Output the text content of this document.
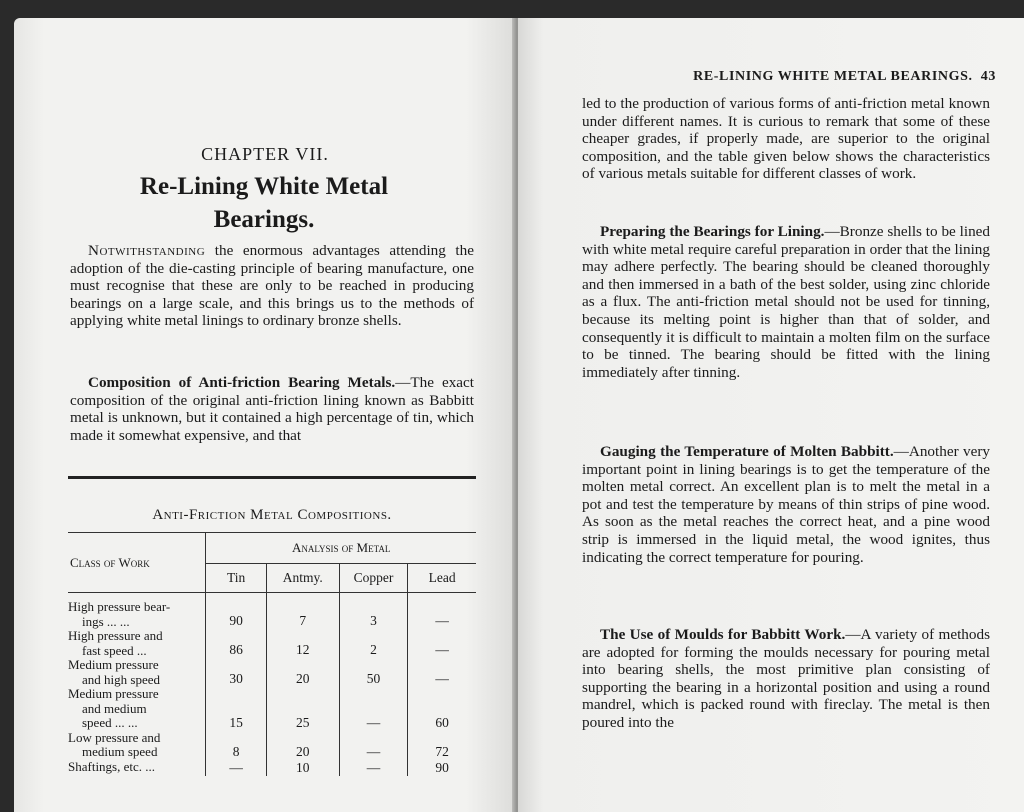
CHAPTER VII.
Re-Lining White Metal
Bearings.
Notwithstanding the enormous advantages attending the adoption of the die-casting principle of bearing manufacture, one must recognise that these are only to be reached in producing bearings on a large scale, and this brings us to the methods of applying white metal linings to ordinary bronze shells.
Composition of Anti-friction Bearing Metals.—The exact composition of the original anti-friction lining known as Babbitt metal is unknown, but it contained a high percentage of tin, which made it somewhat expensive, and that
Anti-Friction Metal Compositions.
Class of Work	Analysis of Metal			
	Tin	Antmy.	Copper	Lead

High pressure bear-
ings ... ...	90	7	3	—

High pressure and
fast speed ...	86	12	2	—

Medium pressure
and high speed	30	20	50	—

Medium pressure
and medium
speed ... ...	15	25	—	60

Low pressure and
medium speed	8	20	—	72

Shaftings, etc. ...	—	10	—	90
RE-LINING WHITE METAL BEARINGS. 43
led to the production of various forms of anti-friction metal known under different names. It is curious to remark that some of these cheaper grades, if properly made, are superior to the original composition, and the table given below shows the characteristics of various metals suitable for different classes of work.
Preparing the Bearings for Lining.—Bronze shells to be lined with white metal require careful preparation in order that the lining may adhere perfectly. The bearing should be cleaned thoroughly and then immersed in a bath of the best solder, using zinc chloride as a flux. The anti-friction metal should not be used for tinning, because its melting point is higher than that of solder, and consequently it is difficult to maintain a molten film on the surface to be tinned. The bearing should be fitted with the lining immediately after tinning.
Gauging the Temperature of Molten Babbitt.—Another very important point in lining bearings is to get the temperature of the molten metal correct. An excellent plan is to melt the metal in a pot and test the temperature by means of thin strips of pine wood. As soon as the metal reaches the correct heat, and a pine wood strip is immersed in the liquid metal, the wood ignites, thus indicating the correct temperature for pouring.
The Use of Moulds for Babbitt Work.—A variety of methods are adopted for forming the moulds necessary for pouring metal into bearing shells, the most primitive plan consisting of supporting the bearing in a horizontal position and using a round mandrel, which is packed round with fireclay. The metal is then poured into the
